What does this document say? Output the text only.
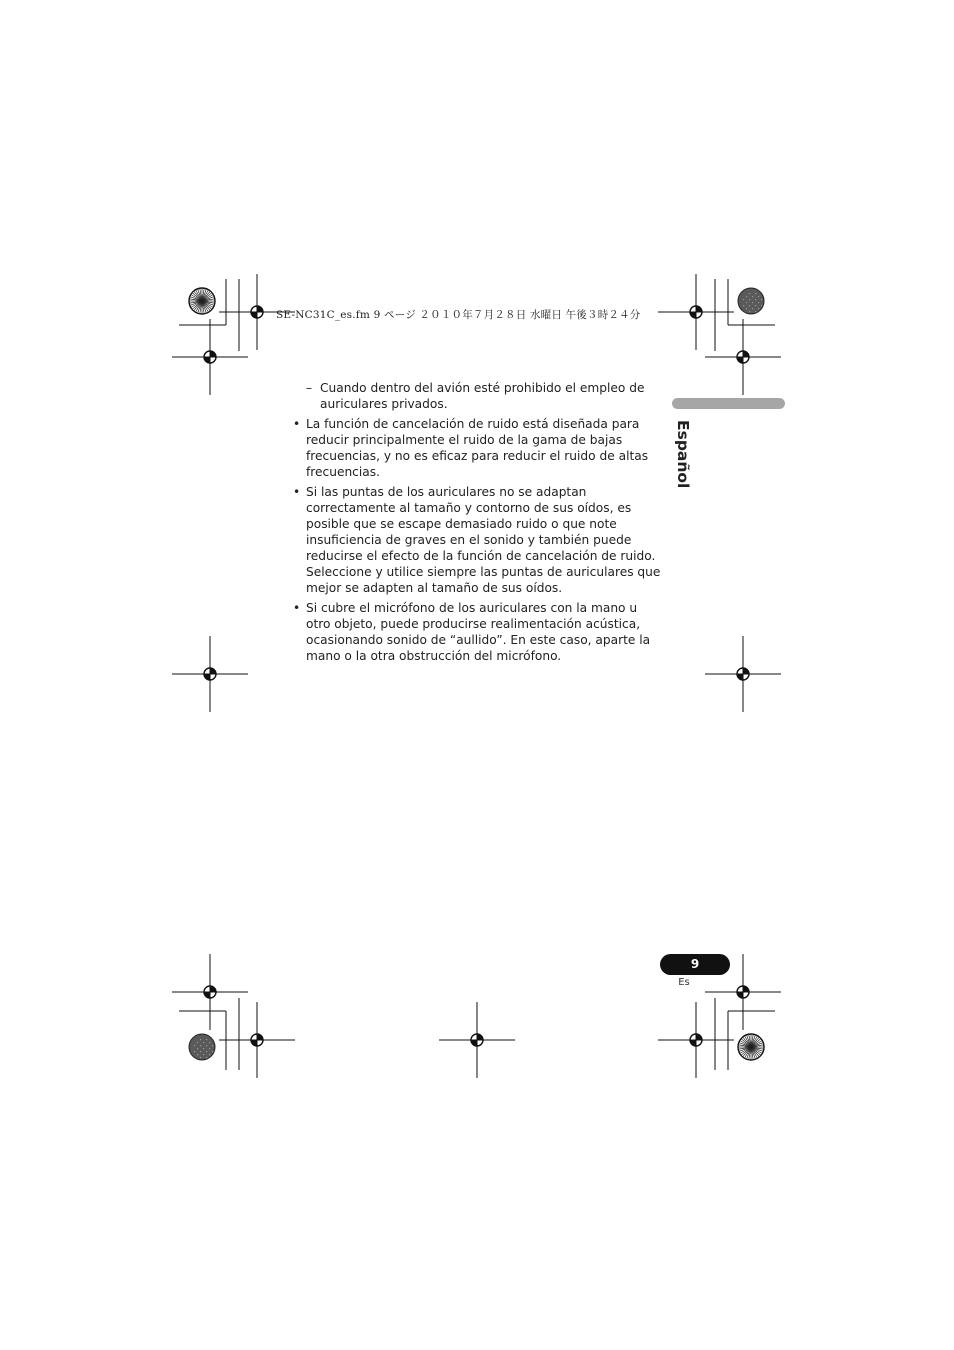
SE-NC31C_es.fm 9 ページ ２０１０年７月２８日 水曜日 午後３時２４分
Español
– Cuando dentro del avión esté prohibido el empleo de auriculares privados.
• La función de cancelación de ruido está diseñada para reducir principalmente el ruido de la gama de bajas frecuencias, y no es eficaz para reducir el ruido de altas frecuencias.
• Si las puntas de los auriculares no se adaptan correctamente al tamaño y contorno de sus oídos, es posible que se escape demasiado ruido o que note insuficiencia de graves en el sonido y también puede reducirse el efecto de la función de cancelación de ruido. Seleccione y utilice siempre las puntas de auriculares que mejor se adapten al tamaño de sus oídos.
• Si cubre el micrófono de los auriculares con la mano u otro objeto, puede producirse realimentación acústica, ocasionando sonido de “aullido”. En este caso, aparte la mano o la otra obstrucción del micrófono.
9
Es
